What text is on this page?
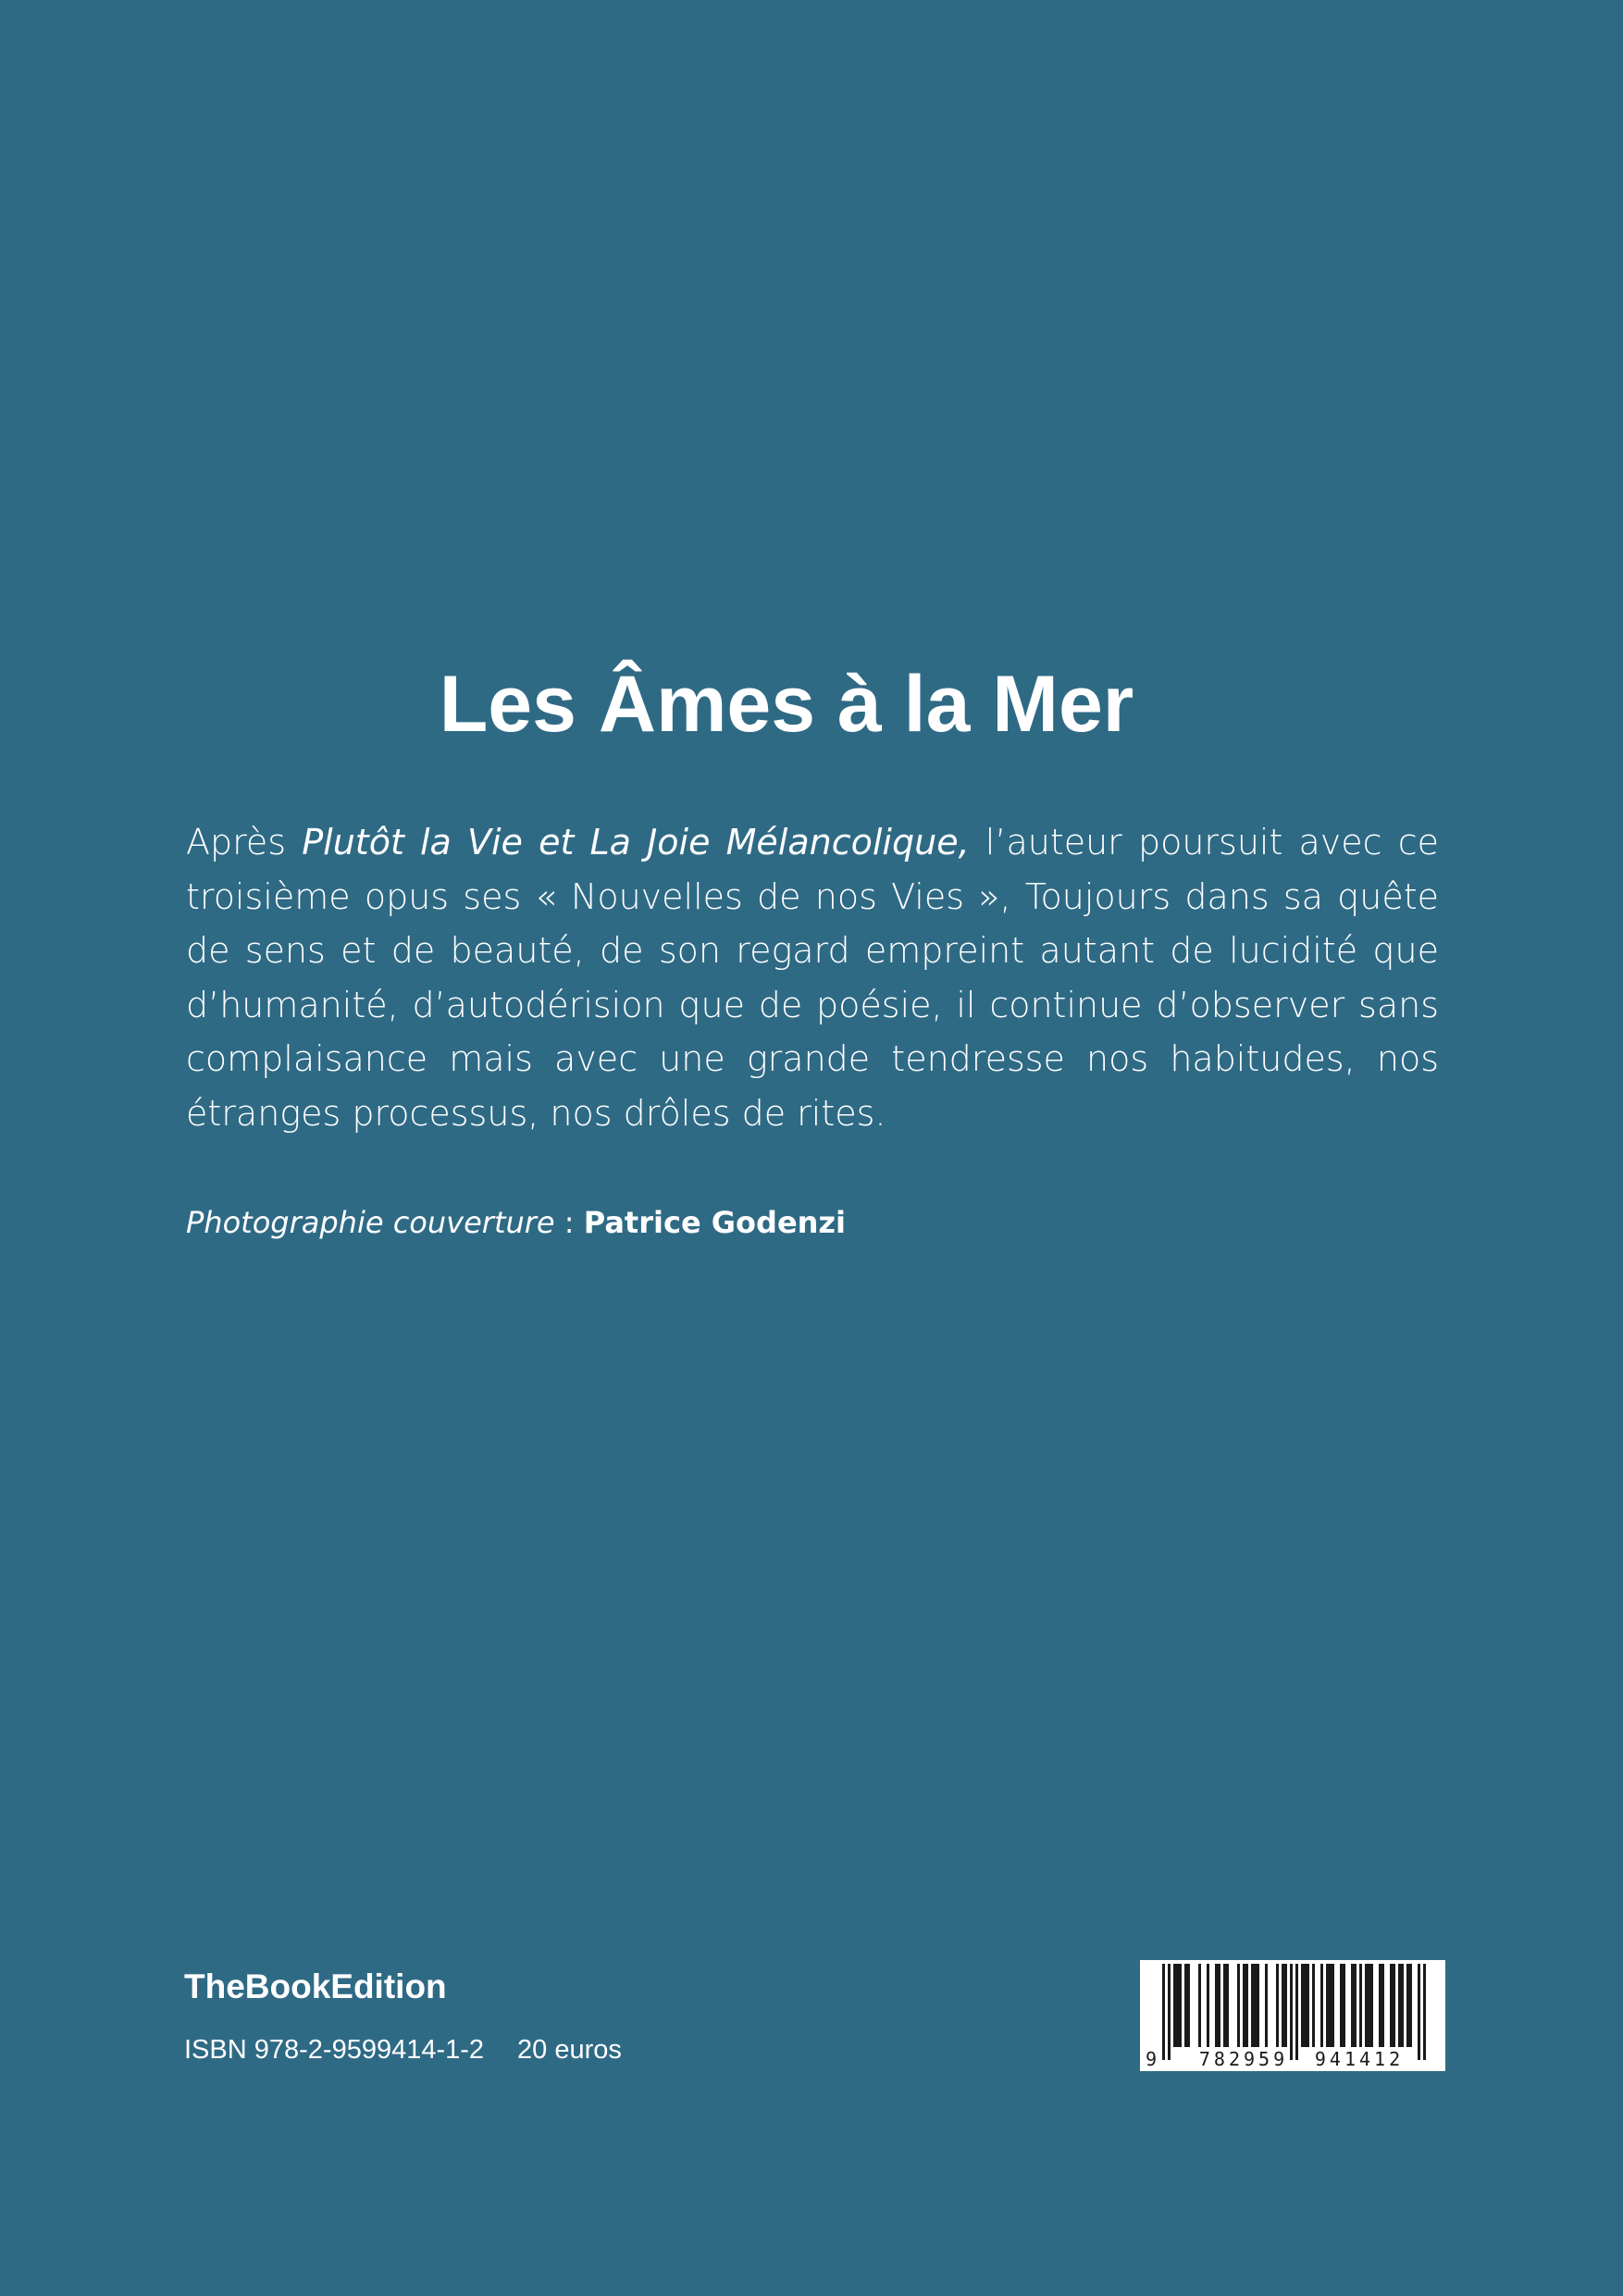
Les Âmes à la Mer

Après Plutôt la Vie et La Joie Mélancolique, l’auteur poursuit avec ce troisième opus ses « Nouvelles de nos Vies », Toujours dans sa quête de sens et de beauté, de son regard empreint autant de lucidité que d’humanité, d’autodérision que de poésie, il continue d’observer sans complaisance mais avec une grande tendresse nos habitudes, nos étranges processus, nos drôles de rites.

Photographie couverture : Patrice Godenzi
TheBookEdition
ISBN 978-2-9599414-1-2 20 euros	9 782959 941412
